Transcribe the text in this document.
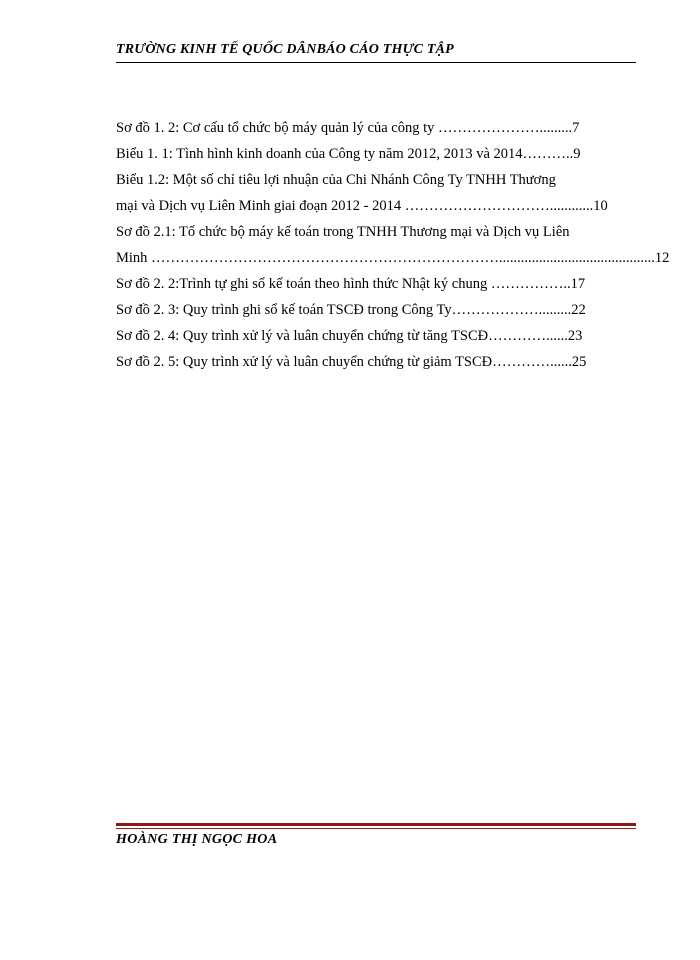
TRƯỜNG KINH TẾ QUỐC DÂNBÁO CÁO THỰC TẬP
Sơ đồ 1. 2: Cơ cấu tổ chức bộ máy quản lý của công ty ………………….........7
Biểu 1. 1: Tình hình kinh doanh của Công ty năm 2012, 2013 và 2014………..9
Biểu 1.2: Một số chỉ tiêu lợi nhuận của Chi Nhánh Công Ty TNHH Thương
mại và Dịch vụ Liên Minh giai đoạn 2012 - 2014 …………………………............10
Sơ đồ 2.1: Tổ chức bộ máy kế toán trong TNHH Thương mại và Dịch vụ Liên
Minh ………………………………………………………………...........................................12
Sơ đồ 2. 2:Trình tự ghi sổ kế toán theo hình thức Nhật ký chung ……………..17
Sơ đồ 2. 3: Quy trình ghi sổ kế toán TSCĐ trong Công Ty……………….........22
Sơ đồ 2. 4: Quy trình xử lý và luân chuyển chứng từ tăng TSCĐ…………......23
Sơ đồ 2. 5: Quy trình xử lý và luân chuyển chứng từ giảm TSCĐ…………......25
HOÀNG THỊ NGỌC HOA
